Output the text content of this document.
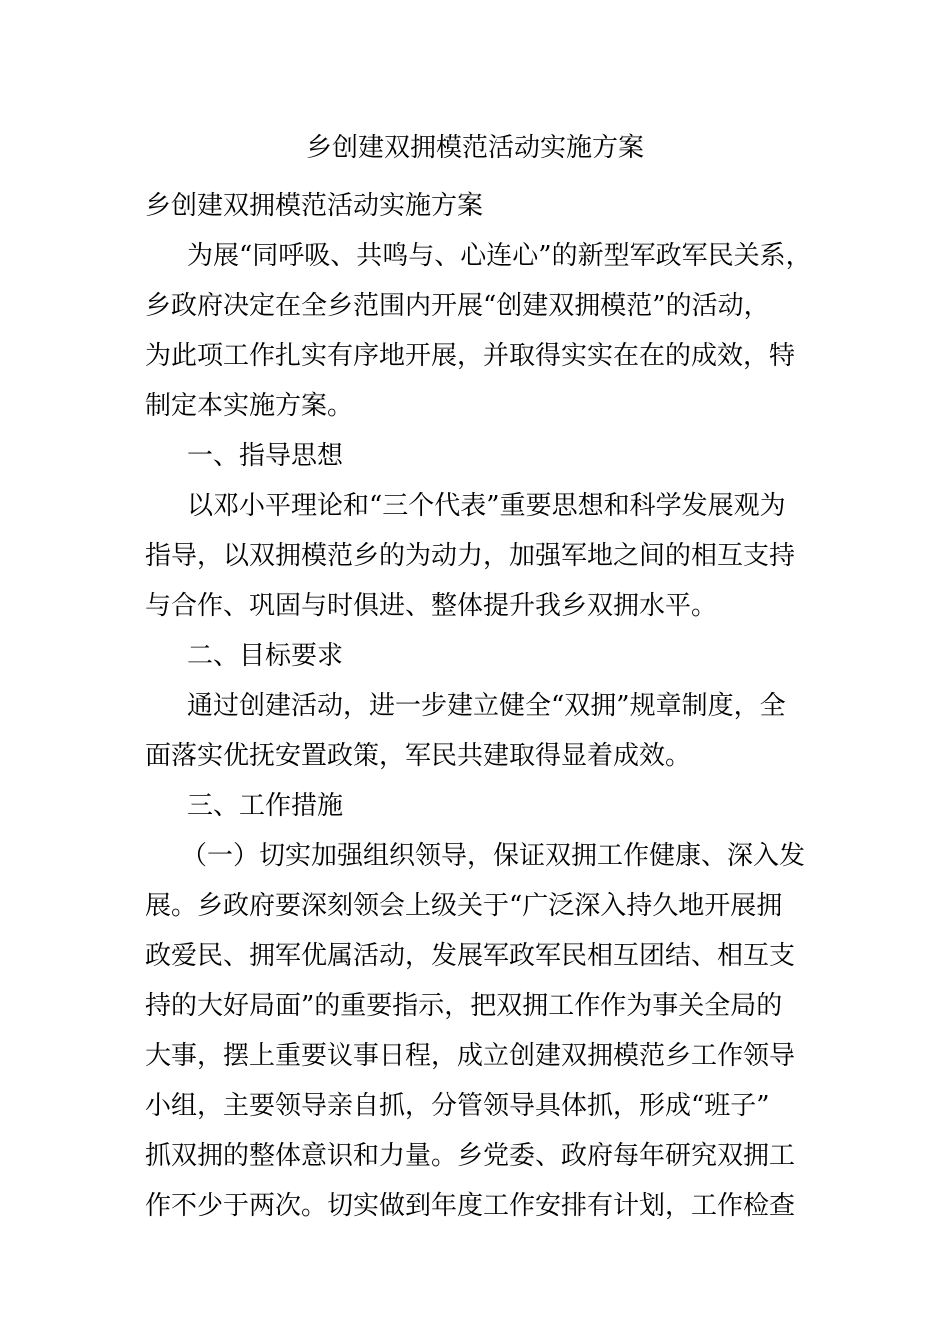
乡创建双拥模范活动实施方案

乡创建双拥模范活动实施方案

为展“同呼吸、共鸣与、心连心”的新型军政军民关系，

乡政府决定在全乡范围内开展“创建双拥模范”的活动，

为此项工作扎实有序地开展，并取得实实在在的成效，特

制定本实施方案。

一、指导思想

以邓小平理论和“三个代表”重要思想和科学发展观为

指导，以双拥模范乡的为动力，加强军地之间的相互支持

与合作、巩固与时俱进、整体提升我乡双拥水平。

二、目标要求

通过创建活动，进一步建立健全“双拥”规章制度，全

面落实优抚安置政策，军民共建取得显着成效。

三、工作措施

（一）切实加强组织领导，保证双拥工作健康、深入发

展。乡政府要深刻领会上级关于“广泛深入持久地开展拥

政爱民、拥军优属活动，发展军政军民相互团结、相互支

持的大好局面”的重要指示，把双拥工作作为事关全局的

大事，摆上重要议事日程，成立创建双拥模范乡工作领导

小组，主要领导亲自抓，分管领导具体抓，形成“班子”

抓双拥的整体意识和力量。乡党委、政府每年研究双拥工

作不少于两次。切实做到年度工作安排有计划，工作检查
